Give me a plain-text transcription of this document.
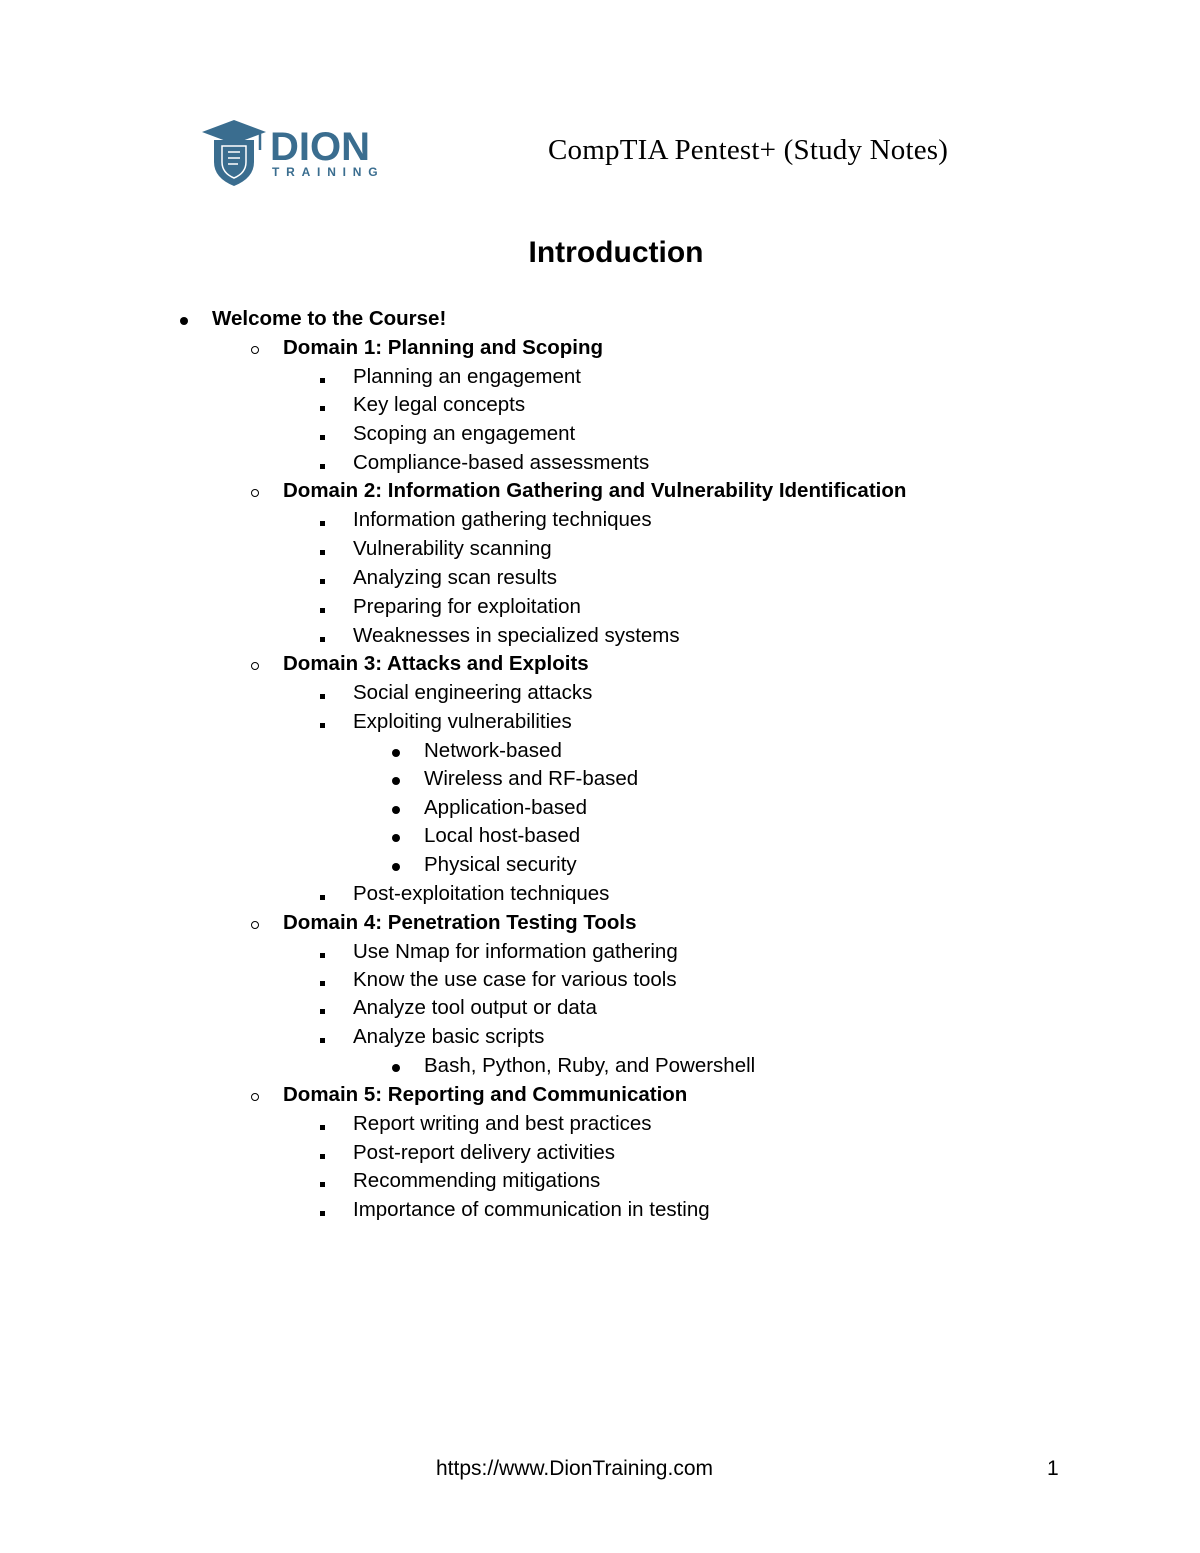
DION
TRAINING
CompTIA Pentest+ (Study Notes)
Introduction
Welcome to the Course!
Domain 1: Planning and Scoping
Planning an engagement
Key legal concepts
Scoping an engagement
Compliance-based assessments
Domain 2: Information Gathering and Vulnerability Identification
Information gathering techniques
Vulnerability scanning
Analyzing scan results
Preparing for exploitation
Weaknesses in specialized systems
Domain 3: Attacks and Exploits
Social engineering attacks
Exploiting vulnerabilities
Network-based
Wireless and RF-based
Application-based
Local host-based
Physical security
Post-exploitation techniques
Domain 4: Penetration Testing Tools
Use Nmap for information gathering
Know the use case for various tools
Analyze tool output or data
Analyze basic scripts
Bash, Python, Ruby, and Powershell
Domain 5: Reporting and Communication
Report writing and best practices
Post-report delivery activities
Recommending mitigations
Importance of communication in testing
https://www.DionTraining.com	1
